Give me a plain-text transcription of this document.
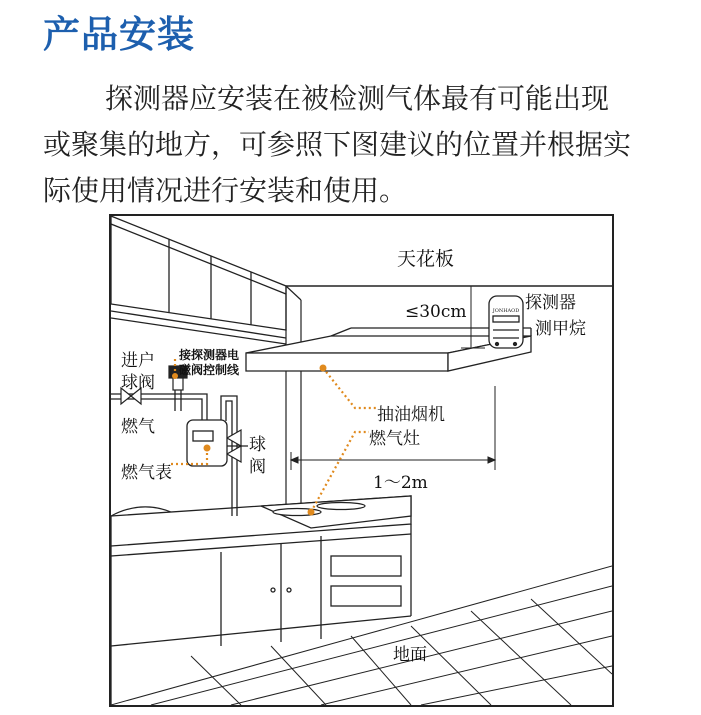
产品安装
探测器应安装在被检测气体最有可能出现
或聚集的地方，可参照下图建议的位置并根据实
际使用情况进行安装和使用。
JONHAOD
天花板
探测器
测甲烷
≤30cm
进户
球阀
接探测器电
磁阀控制线
燃气
燃气表
球
阀
抽油烟机
燃气灶
1～2m
地面
